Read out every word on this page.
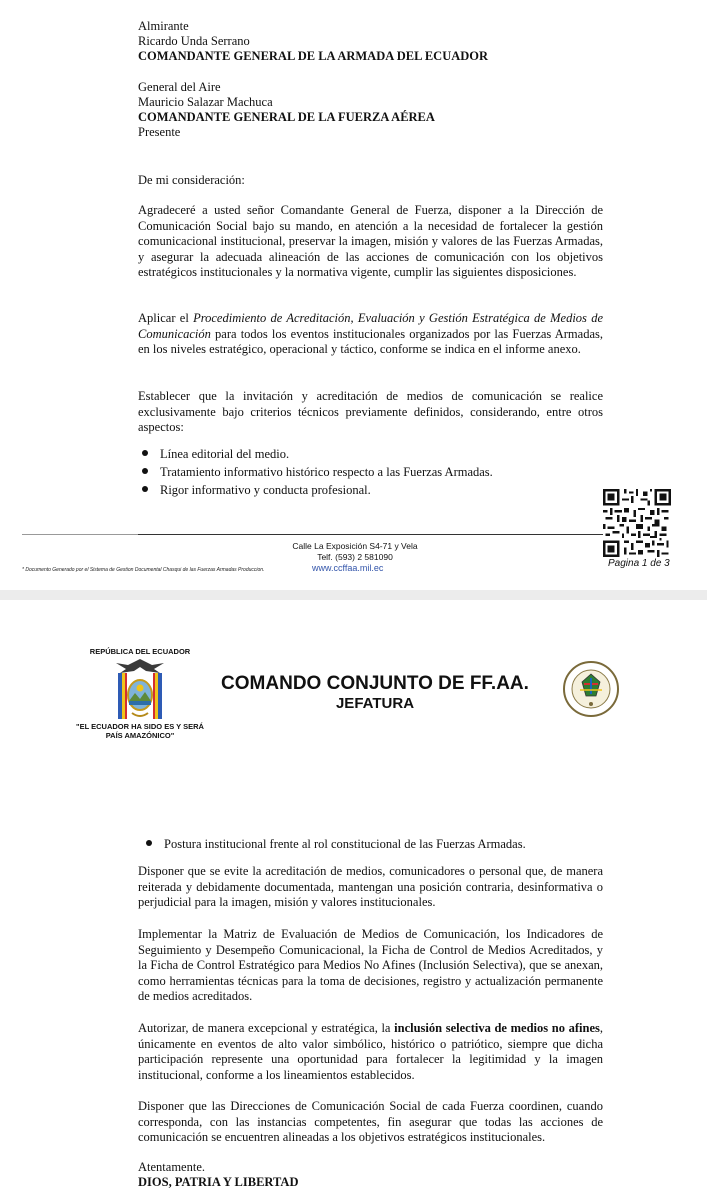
Almirante
Ricardo Unda Serrano
COMANDANTE GENERAL DE LA ARMADA DEL ECUADOR
General del Aire
Mauricio Salazar Machuca
COMANDANTE GENERAL DE LA FUERZA AÉREA
Presente
De mi consideración:
Agradeceré a usted señor Comandante General de Fuerza, disponer a la Dirección de Comunicación Social bajo su mando, en atención a la necesidad de fortalecer la gestión comunicacional institucional, preservar la imagen, misión y valores de las Fuerzas Armadas, y asegurar la adecuada alineación de las acciones de comunicación con los objetivos estratégicos institucionales y la normativa vigente, cumplir las siguientes disposiciones.
Aplicar el Procedimiento de Acreditación, Evaluación y Gestión Estratégica de Medios de Comunicación para todos los eventos institucionales organizados por las Fuerzas Armadas, en los niveles estratégico, operacional y táctico, conforme se indica en el informe anexo.
Establecer que la invitación y acreditación de medios de comunicación se realice exclusivamente bajo criterios técnicos previamente definidos, considerando, entre otros aspectos:
Línea editorial del medio.
Tratamiento informativo histórico respecto a las Fuerzas Armadas.
Rigor informativo y conducta profesional.
Calle La Exposición S4-71 y Vela
Telf. (593) 2 581090
* Documento Generado por el Sistema de Gestion Documental Chasqui de las Fuerzas Armadas Produccion.	www.ccffaa.mil.ec	Pagina 1 de 3
REPÚBLICA DEL ECUADOR
"EL ECUADOR HA SIDO ES Y SERÁ PAÍS AMAZÓNICO"
COMANDO CONJUNTO DE FF.AA.
JEFATURA
Postura institucional frente al rol constitucional de las Fuerzas Armadas.
Disponer que se evite la acreditación de medios, comunicadores o personal que, de manera reiterada y debidamente documentada, mantengan una posición contraria, desinformativa o perjudicial para la imagen, misión y valores institucionales.
Implementar la Matriz de Evaluación de Medios de Comunicación, los Indicadores de Seguimiento y Desempeño Comunicacional, la Ficha de Control de Medios Acreditados, y la Ficha de Control Estratégico para Medios No Afines (Inclusión Selectiva), que se anexan, como herramientas técnicas para la toma de decisiones, registro y actualización permanente de medios acreditados.
Autorizar, de manera excepcional y estratégica, la inclusión selectiva de medios no afines, únicamente en eventos de alto valor simbólico, histórico o patriótico, siempre que dicha participación represente una oportunidad para fortalecer la legitimidad y la imagen institucional, conforme a los lineamientos establecidos.
Disponer que las Direcciones de Comunicación Social de cada Fuerza coordinen, cuando corresponda, con las instancias competentes, fin asegurar que todas las acciones de comunicación se encuentren alineadas a los objetivos estratégicos institucionales.
Atentamente.
DIOS, PATRIA Y LIBERTAD
